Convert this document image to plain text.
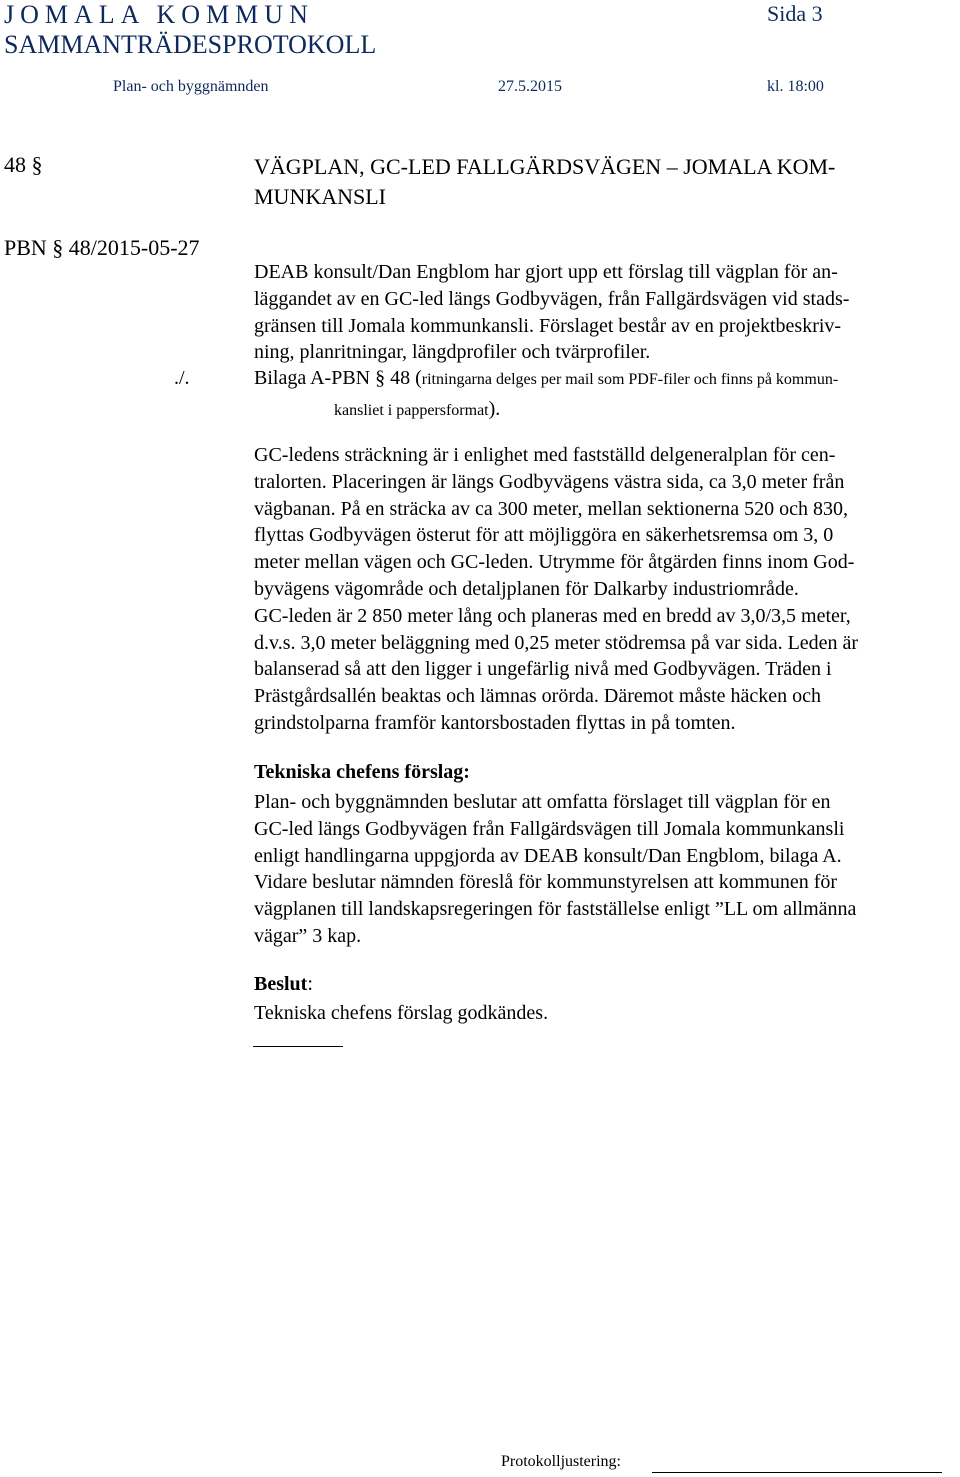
JOMALA KOMMUN
SAMMANTRÄDESPROTOKOLL
Sida 3
Plan- och byggnämnden	27.5.2015	kl. 18:00
48 §	VÄGPLAN, GC-LED FALLGÄRDSVÄGEN – JOMALA KOM- MUNKANSLI
PBN § 48/2015-05-27
DEAB konsult/Dan Engblom har gjort upp ett förslag till vägplan för an-
läggandet av en GC-led längs Godbyvägen, från Fallgärdsvägen vid stads-
gränsen till Jomala kommunkansli. Förslaget består av en projektbeskriv-
ning, planritningar, längdprofiler och tvärprofiler.
./.	Bilaga A-PBN § 48 (ritningarna delges per mail som PDF-filer och finns på kommun-
kansliet i pappersformat).
GC-ledens sträckning är i enlighet med fastställd delgeneralplan för cen-
tralorten. Placeringen är längs Godbyvägens västra sida, ca 3,0 meter från
vägbanan. På en sträcka av ca 300 meter, mellan sektionerna 520 och 830,
flyttas Godbyvägen österut för att möjliggöra en säkerhetsremsa om 3, 0
meter mellan vägen och GC-leden. Utrymme för åtgärden finns inom God-
byvägens vägområde och detaljplanen för Dalkarby industriområde.
GC-leden är 2 850 meter lång och planeras med en bredd av 3,0/3,5 meter,
d.v.s. 3,0 meter beläggning med 0,25 meter stödremsa på var sida. Leden är
balanserad så att den ligger i ungefärlig nivå med Godbyvägen. Träden i
Prästgårdsallén beaktas och lämnas orörda. Däremot måste häcken och
grindstolparna framför kantorsbostaden flyttas in på tomten.
Tekniska chefens förslag:
Plan- och byggnämnden beslutar att omfatta förslaget till vägplan för en
GC-led längs Godbyvägen från Fallgärdsvägen till Jomala kommunkansli
enligt handlingarna uppgjorda av DEAB konsult/Dan Engblom, bilaga A.
Vidare beslutar nämnden föreslå för kommunstyrelsen att kommunen för
vägplanen till landskapsregeringen för fastställelse enligt ”LL om allmänna
vägar” 3 kap.
Beslut:
Tekniska chefens förslag godkändes.
Protokolljustering:
